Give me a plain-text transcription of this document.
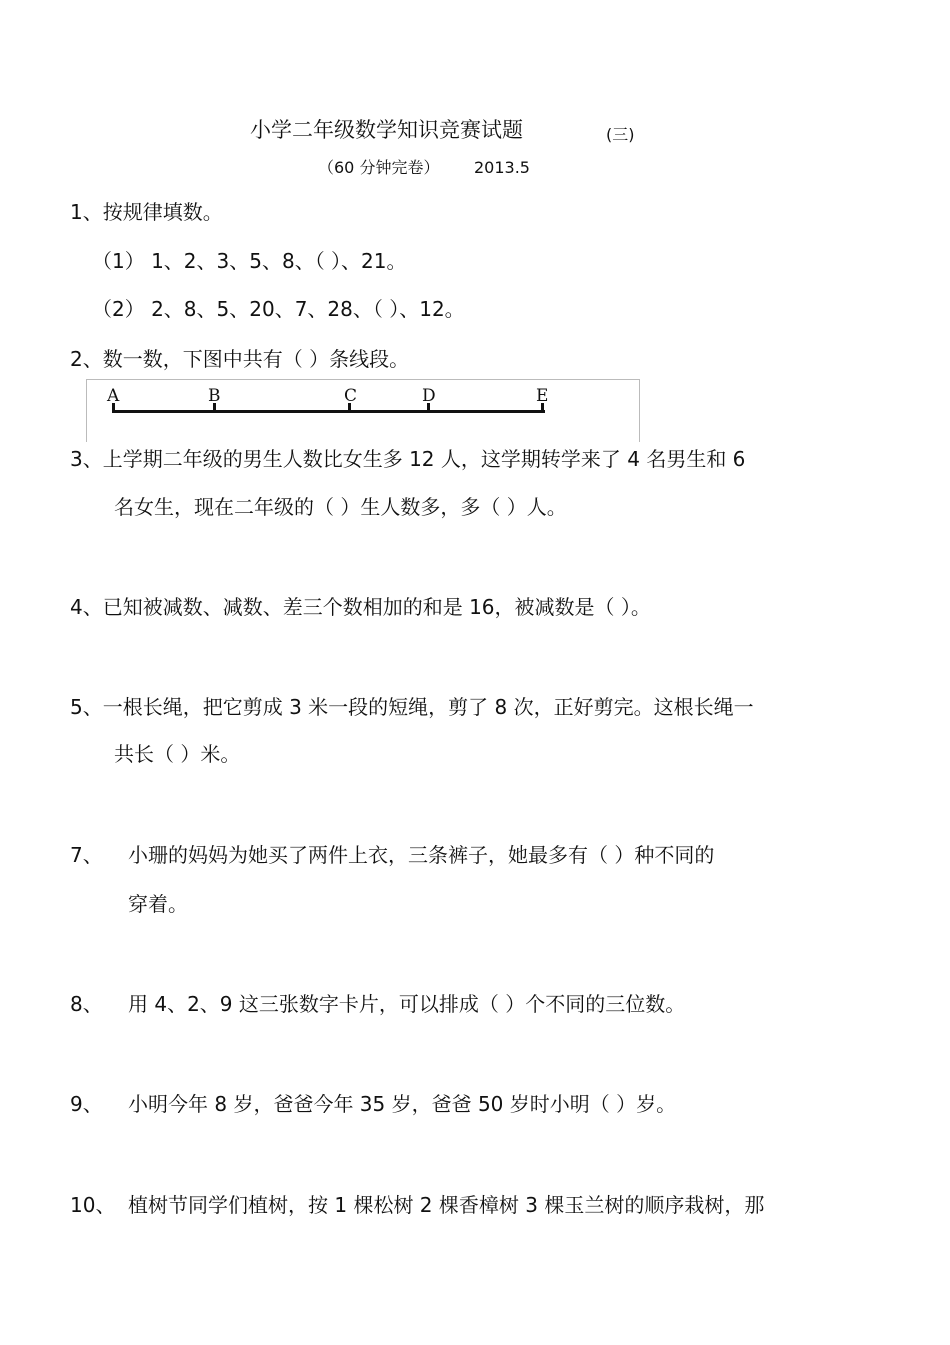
小学二年级数学知识竞赛试题	(三)
（60 分钟完卷） 2013.5
1、按规律填数。
（1） 1、2、3、5、8、（ ）、21。
（2） 2、8、5、20、7、28、（ ）、12。
2、数一数，下图中共有（ ）条线段。
A	B	C	D	E
3、上学期二年级的男生人数比女生多 12 人，这学期转学来了 4 名男生和 6
名女生，现在二年级的（ ）生人数多，多（ ）人。
4、已知被减数、减数、差三个数相加的和是 16，被减数是（ ）。
5、一根长绳，把它剪成 3 米一段的短绳，剪了 8 次，正好剪完。这根长绳一
共长（ ）米。
7、 小珊的妈妈为她买了两件上衣，三条裤子，她最多有（ ）种不同的
穿着。
8、 用 4、2、9 这三张数字卡片，可以排成（ ）个不同的三位数。
9、 小明今年 8 岁，爸爸今年 35 岁，爸爸 50 岁时小明（ ）岁。
10、 植树节同学们植树，按 1 棵松树 2 棵香樟树 3 棵玉兰树的顺序栽树，那
